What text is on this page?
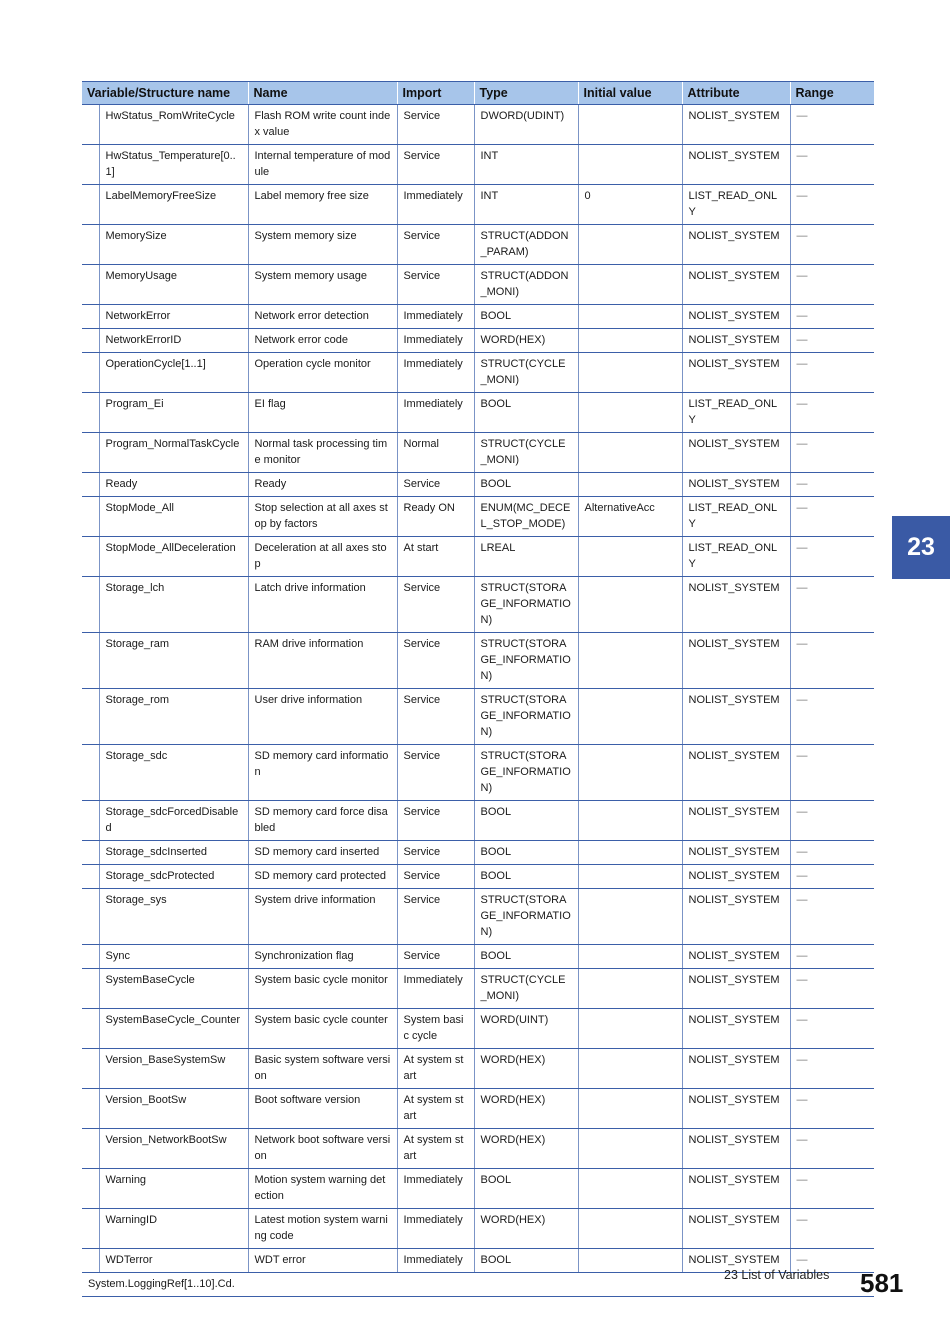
Variable/Structure name		Name	Import	Type	Initial value	Attribute	Range
	HwStatus_RomWriteCycle	Flash ROM write count index value	Service	DWORD(UDINT)		NOLIST_SYSTEM	—
	HwStatus_Temperature[0..1]	Internal temperature of module	Service	INT		NOLIST_SYSTEM	—
	LabelMemoryFreeSize	Label memory free size	Immediately	INT	0	LIST_READ_ONLY	—
	MemorySize	System memory size	Service	STRUCT(ADDON_PARAM)		NOLIST_SYSTEM	—
	MemoryUsage	System memory usage	Service	STRUCT(ADDON_MONI)		NOLIST_SYSTEM	—
	NetworkError	Network error detection	Immediately	BOOL		NOLIST_SYSTEM	—
	NetworkErrorID	Network error code	Immediately	WORD(HEX)		NOLIST_SYSTEM	—
	OperationCycle[1..1]	Operation cycle monitor	Immediately	STRUCT(CYCLE_MONI)		NOLIST_SYSTEM	—
	Program_Ei	EI flag	Immediately	BOOL		LIST_READ_ONLY	—
	Program_NormalTaskCycle	Normal task processing time monitor	Normal	STRUCT(CYCLE_MONI)		NOLIST_SYSTEM	—
	Ready	Ready	Service	BOOL		NOLIST_SYSTEM	—
	StopMode_All	Stop selection at all axes stop by factors	Ready ON	ENUM(MC_DECEL_STOP_MODE)	AlternativeAcc	LIST_READ_ONLY	—
	StopMode_AllDeceleration	Deceleration at all axes stop	At start	LREAL		LIST_READ_ONLY	—
	Storage_lch	Latch drive information	Service	STRUCT(STORAGE_INFORMATION)		NOLIST_SYSTEM	—
	Storage_ram	RAM drive information	Service	STRUCT(STORAGE_INFORMATION)		NOLIST_SYSTEM	—
	Storage_rom	User drive information	Service	STRUCT(STORAGE_INFORMATION)		NOLIST_SYSTEM	—
	Storage_sdc	SD memory card information	Service	STRUCT(STORAGE_INFORMATION)		NOLIST_SYSTEM	—
	Storage_sdcForcedDisabled	SD memory card force disabled	Service	BOOL		NOLIST_SYSTEM	—
	Storage_sdcInserted	SD memory card inserted	Service	BOOL		NOLIST_SYSTEM	—
	Storage_sdcProtected	SD memory card protected	Service	BOOL		NOLIST_SYSTEM	—
	Storage_sys	System drive information	Service	STRUCT(STORAGE_INFORMATION)		NOLIST_SYSTEM	—
	Sync	Synchronization flag	Service	BOOL		NOLIST_SYSTEM	—
	SystemBaseCycle	System basic cycle monitor	Immediately	STRUCT(CYCLE_MONI)		NOLIST_SYSTEM	—
	SystemBaseCycle_Counter	System basic cycle counter	System basic cycle	WORD(UINT)		NOLIST_SYSTEM	—
	Version_BaseSystemSw	Basic system software version	At system start	WORD(HEX)		NOLIST_SYSTEM	—
	Version_BootSw	Boot software version	At system start	WORD(HEX)		NOLIST_SYSTEM	—
	Version_NetworkBootSw	Network boot software version	At system start	WORD(HEX)		NOLIST_SYSTEM	—
	Warning	Motion system warning detection	Immediately	BOOL		NOLIST_SYSTEM	—
	WarningID	Latest motion system warning code	Immediately	WORD(HEX)		NOLIST_SYSTEM	—
	WDTerror	WDT error	Immediately	BOOL		NOLIST_SYSTEM	—
System.LoggingRef[1..10].Cd.							
23
23 List of Variables 581
